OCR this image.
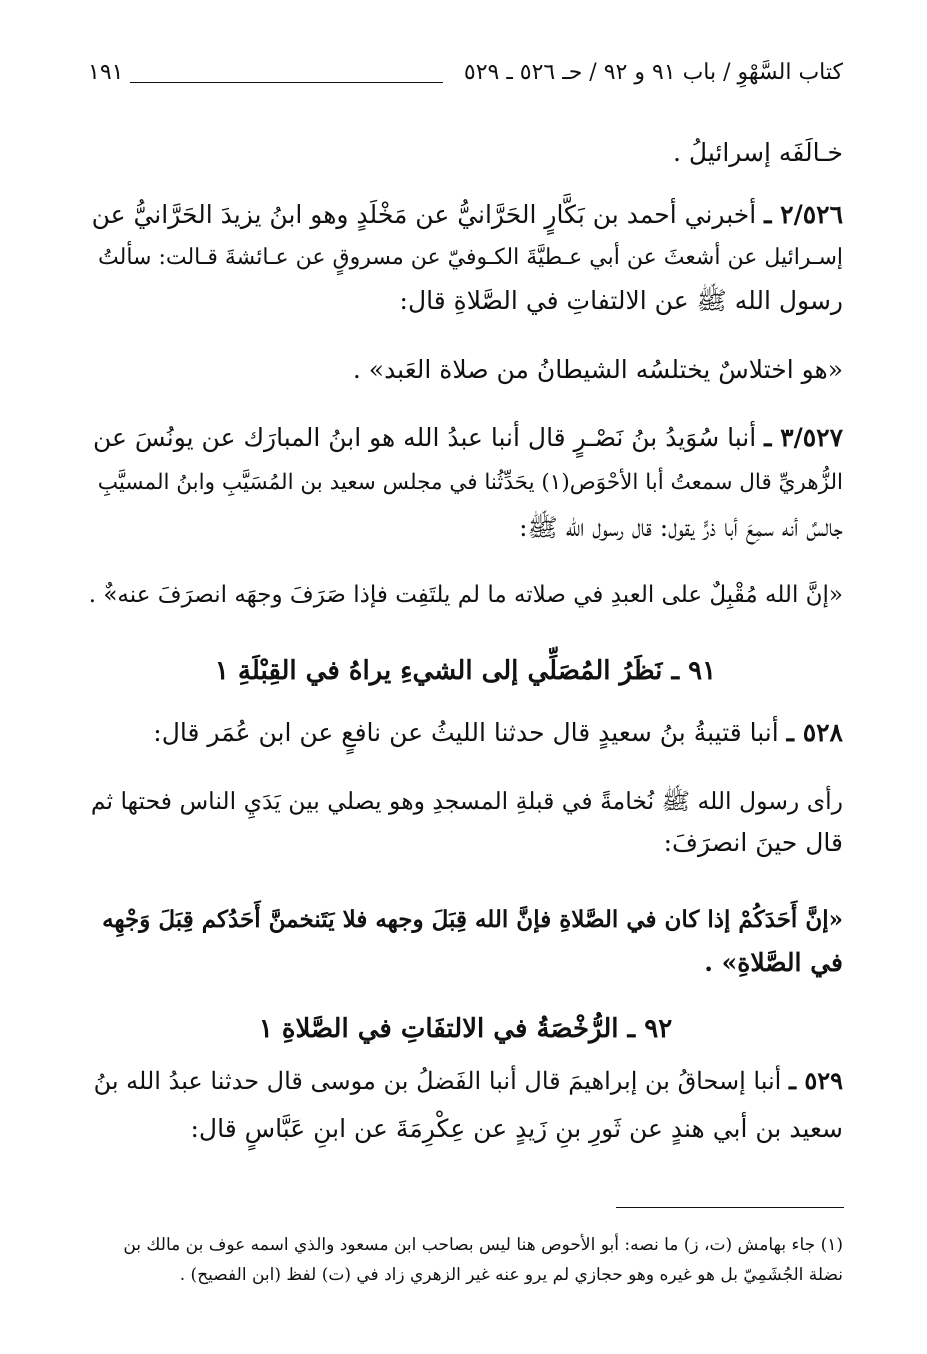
كتاب السَّهْوِ / باب ٩١ و ٩٢ / حـ ٥٢٦ ـ ٥٢٩
١٩١
خـالَفَه إسرائيلُ .
٢/٥٢٦ ـ أخبرني أحمد بن بَكَّارٍ الحَرَّانيُّ عن مَخْلَدٍ وهو ابنُ يزيدَ الحَرَّانيُّ عن
إسـرائيل عن أشعثَ عن أبي عـطيَّةَ الكـوفيّ عن مسروقٍ عن عـائشةَ قـالت: سألتُ
رسول الله ﷺ عن الالتفاتِ في الصَّلاةِ قال:
«هو اختلاسٌ يختلسُه الشيطانُ من صلاة العَبد» .
٣/٥٢٧ ـ أنبا سُوَيدُ بنُ نَصْـرٍ قال أنبا عبدُ الله هو ابنُ المبارَك عن يونُسَ عن
الزُّهريِّ قال سمعتُ أبا الأحْوَص(١) يحَدِّثُنا في مجلس سعيد بن المُسَيَّبِ وابنُ المسيَّبِ
جالسٌ أنه سمِعَ أبا ذرٍّ يقول: قال رسول الله ﷺ:
«إنَّ الله مُقْبِلٌ على العبدِ في صلاته ما لم يلتَفِت فإذا صَرَفَ وجهَه انصرَفَ عنه»ٌ .
٩١ ـ نَظَرُ المُصَلِّي إلى الشيءِ يراهُ في القِبْلَةِ ١
٥٢٨ ـ أنبا قتيبةُ بنُ سعيدٍ قال حدثنا الليثُ عن نافعٍ عن ابن عُمَر قال:
رأى رسول الله ﷺ نُخامةً في قبلةِ المسجدِ وهو يصلي بين يَدَيِ الناس فحتها ثم
قال حينَ انصرَفَ:
«إنَّ أَحَدَكُمْ إذا كان في الصَّلاةِ فإنَّ الله قِبَلَ وجهه فلا يَتَنخمنَّ أَحَدُكم قِبَلَ وَجْهِه
في الصَّلاةِ» .
٩٢ ـ الرُّخْصَةُ في الالتفَاتِ في الصَّلاةِ ١
٥٢٩ ـ أنبا إسحاقُ بن إبراهيمَ قال أنبا الفَضلُ بن موسى قال حدثنا عبدُ الله بنُ
سعيد بن أبي هندٍ عن ثَورِ بنِ زَيدٍ عن عِكْرِمَةَ عن ابنِ عَبَّاسٍ قال:
(١) جاء بهامش (ت، ز) ما نصه: أبو الأحوص هنا ليس بصاحب ابن مسعود والذي اسمه عوف بن مالك بن
نضلة الجُشَمِيّ بل هو غيره وهو حجازي لم يرو عنه غير الزهري زاد في (ت) لفظ (ابن الفصيح) .
